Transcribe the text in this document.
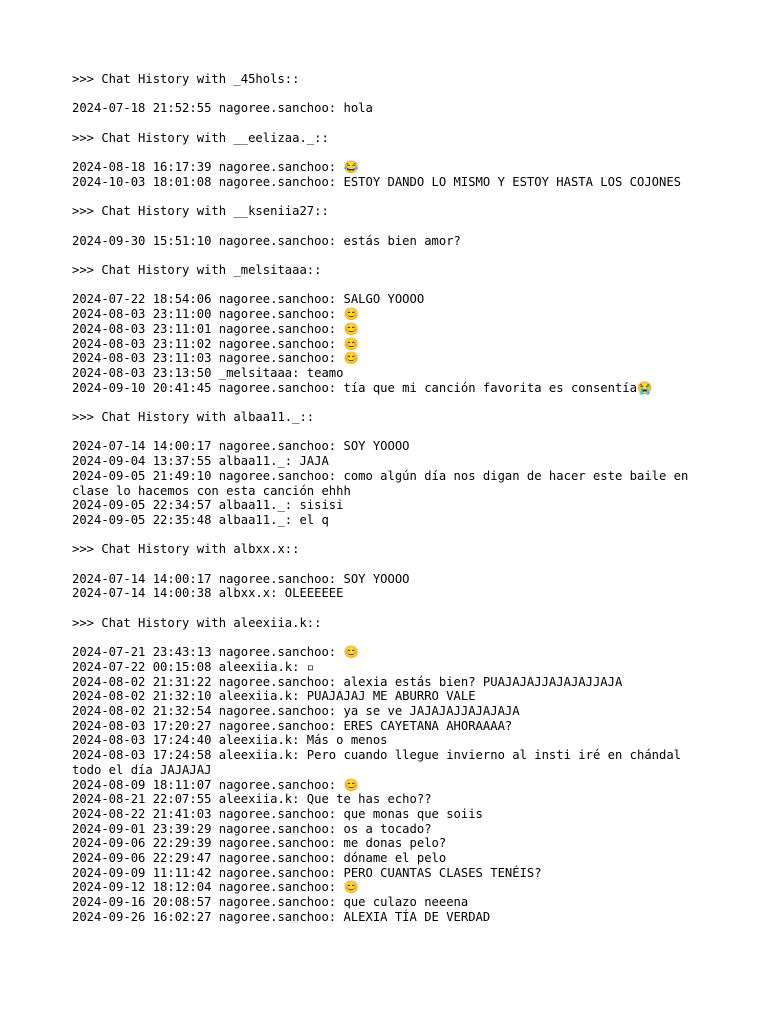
>>> Chat History with _45hols::
2024-07-18 21:52:55 nagoree.sanchoo: hola
>>> Chat History with __eelizaa._::
2024-08-18 16:17:39 nagoree.sanchoo: 😂
2024-10-03 18:01:08 nagoree.sanchoo: ESTOY DANDO LO MISMO Y ESTOY HASTA LOS COJONES
>>> Chat History with __kseniia27::
2024-09-30 15:51:10 nagoree.sanchoo: estás bien amor?
>>> Chat History with _melsitaaa::
2024-07-22 18:54:06 nagoree.sanchoo: SALGO YOOOO
2024-08-03 23:11:00 nagoree.sanchoo: 😊
2024-08-03 23:11:01 nagoree.sanchoo: 😊
2024-08-03 23:11:02 nagoree.sanchoo: 😊
2024-08-03 23:11:03 nagoree.sanchoo: 😊
2024-08-03 23:13:50 _melsitaaa: teamo
2024-09-10 20:41:45 nagoree.sanchoo: tía que mi canción favorita es consentía😭
>>> Chat History with albaa11._::
2024-07-14 14:00:17 nagoree.sanchoo: SOY YOOOO
2024-09-04 13:37:55 albaa11._: JAJA
2024-09-05 21:49:10 nagoree.sanchoo: como algún día nos digan de hacer este baile en clase lo hacemos con esta canción ehhh
2024-09-05 22:34:57 albaa11._: sisisi
2024-09-05 22:35:48 albaa11._: el q
>>> Chat History with albxx.x::
2024-07-14 14:00:17 nagoree.sanchoo: SOY YOOOO
2024-07-14 14:00:38 albxx.x: OLEEEEEE
>>> Chat History with aleexiia.k::
2024-07-21 23:43:13 nagoree.sanchoo: 😊
2024-07-22 00:15:08 aleexiia.k: ▫
2024-08-02 21:31:22 nagoree.sanchoo: alexia estás bien? PUAJAJAJJAJAJAJJAJA
2024-08-02 21:32:10 aleexiia.k: PUAJAJAJ ME ABURRO VALE
2024-08-02 21:32:54 nagoree.sanchoo: ya se ve JAJAJAJJAJAJAJA
2024-08-03 17:20:27 nagoree.sanchoo: ERES CAYETANA AHORAAAA?
2024-08-03 17:24:40 aleexiia.k: Más o menos
2024-08-03 17:24:58 aleexiia.k: Pero cuando llegue invierno al insti iré en chándal todo el día JAJAJAJ
2024-08-09 18:11:07 nagoree.sanchoo: 😊
2024-08-21 22:07:55 aleexiia.k: Que te has echo??
2024-08-22 21:41:03 nagoree.sanchoo: que monas que soiis
2024-09-01 23:39:29 nagoree.sanchoo: os a tocado?
2024-09-06 22:29:39 nagoree.sanchoo: me donas pelo?
2024-09-06 22:29:47 nagoree.sanchoo: dóname el pelo
2024-09-09 11:11:42 nagoree.sanchoo: PERO CUANTAS CLASES TENÉIS?
2024-09-12 18:12:04 nagoree.sanchoo: 😊
2024-09-16 20:08:57 nagoree.sanchoo: que culazo neeena
2024-09-26 16:02:27 nagoree.sanchoo: ALEXIA TÍA DE VERDAD
